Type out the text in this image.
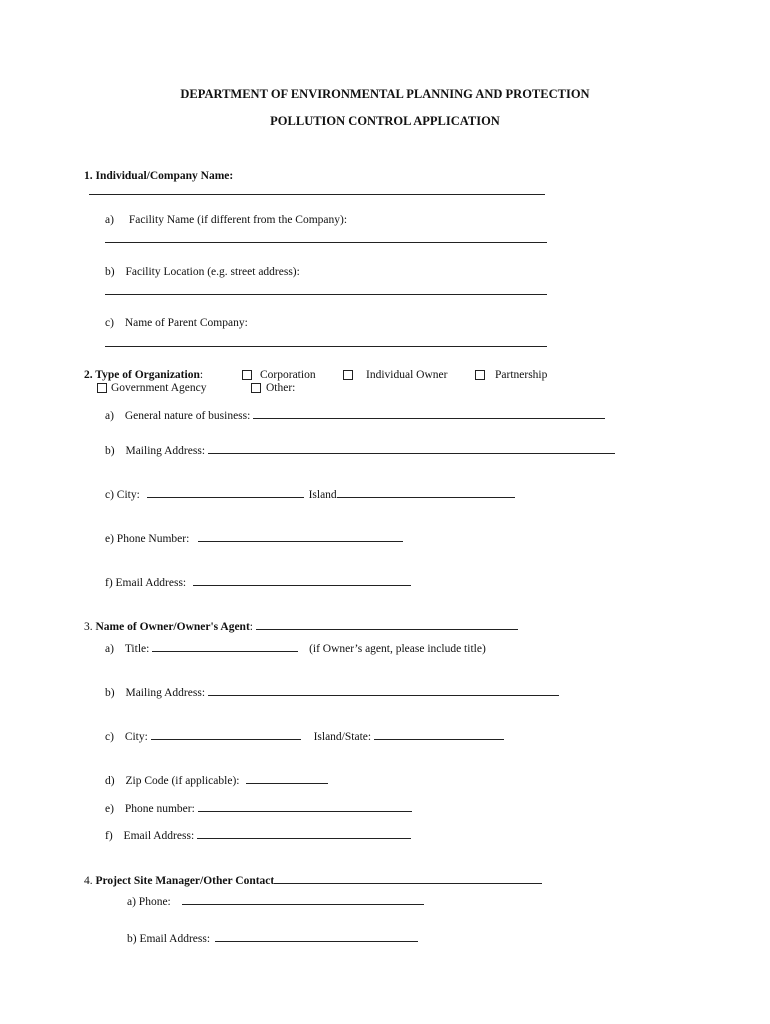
DEPARTMENT OF ENVIRONMENTAL PLANNING AND PROTECTION
POLLUTION CONTROL APPLICATION
1. Individual/Company Name:
a) Facility Name (if different from the Company):
b) Facility Location (e.g. street address):
c) Name of Parent Company:
2. Type of Organization:	Corporation	Individual Owner	Partnership
Government Agency	Other:
a) General nature of business:
b) Mailing Address:
c) City:	Island
e) Phone Number:
f) Email Address:
3. Name of Owner/Owner's Agent:
a) Title:	(if Owner’s agent, please include title)
b) Mailing Address:
c) City:	Island/State:
d) Zip Code (if applicable):
e) Phone number:
f) Email Address:
4. Project Site Manager/Other Contact
a) Phone:
b) Email Address:
